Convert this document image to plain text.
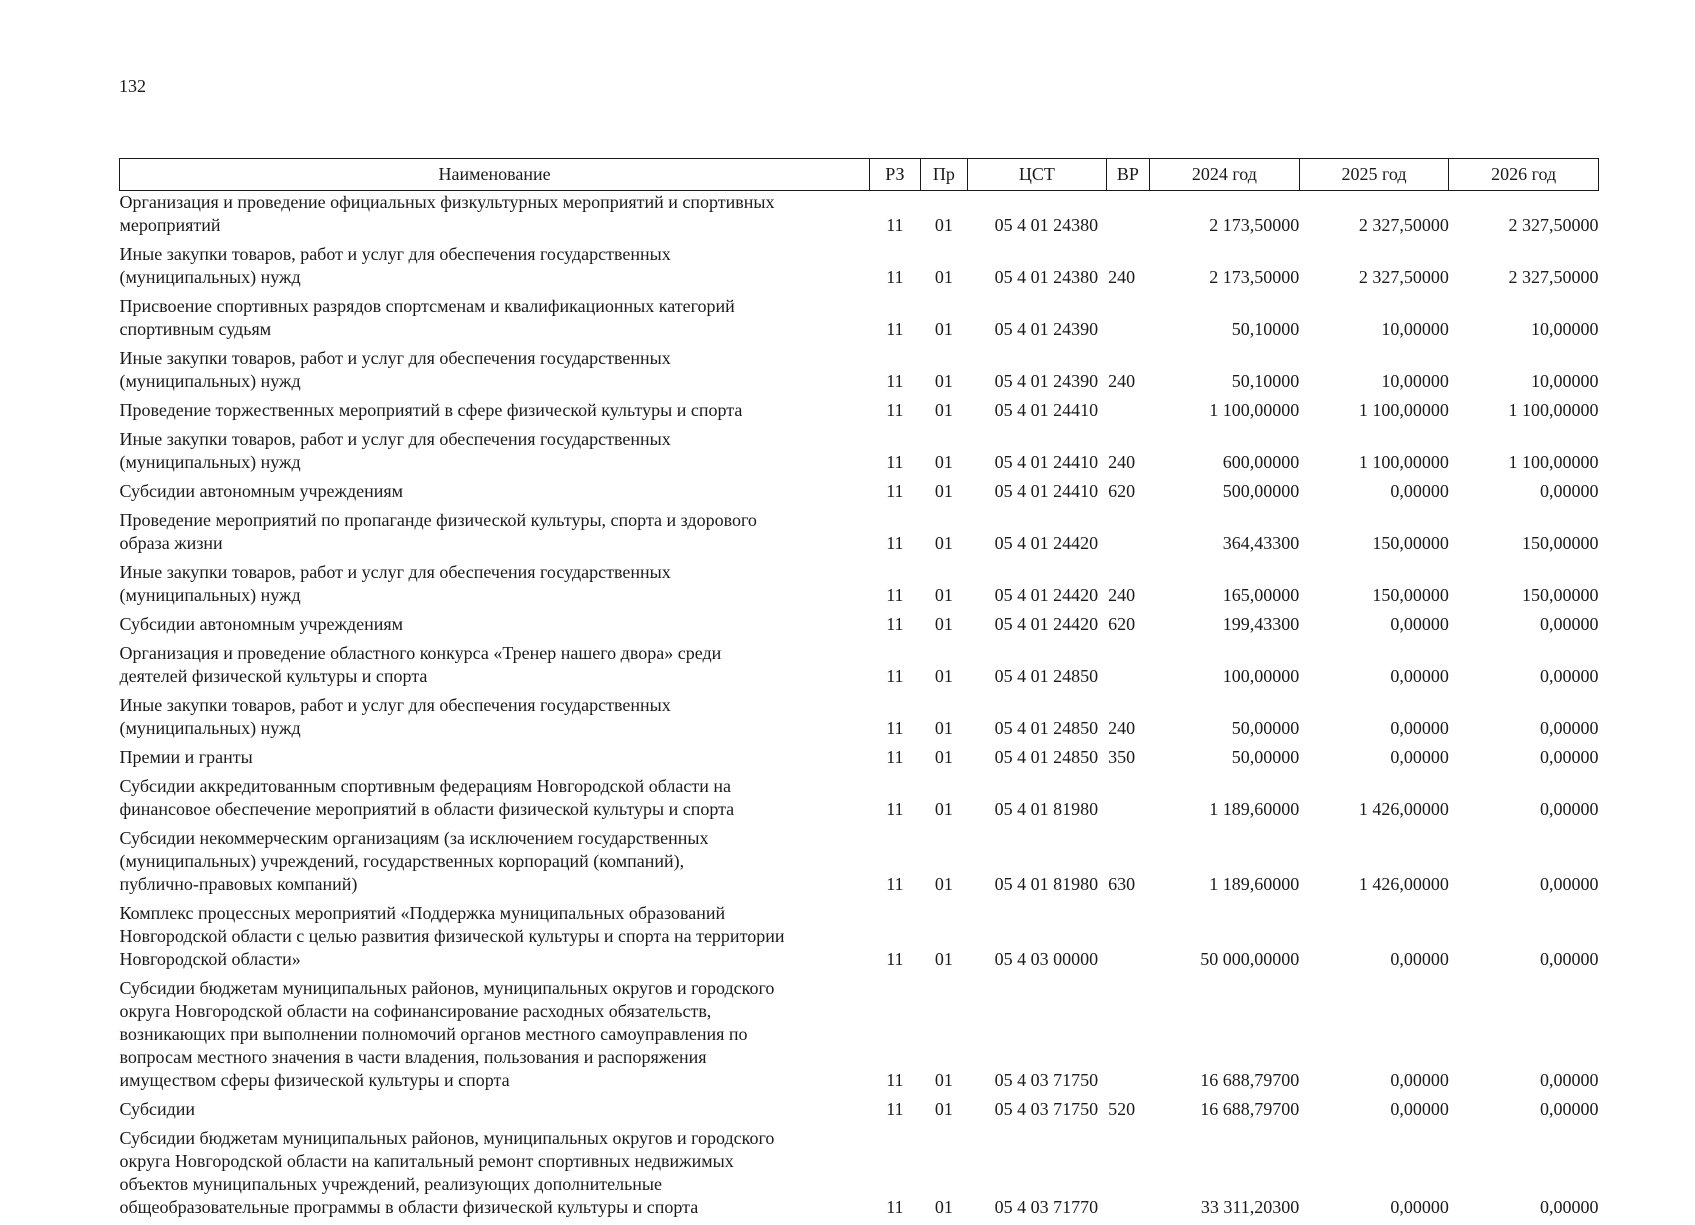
132
Наименование	РЗ	Пр	ЦСТ	ВР	2024 год	2025 год	2026 год
Организация и проведение официальных физкультурных мероприятий и спортивных
мероприятий	11	01	05 4 01 24380		2 173,50000	2 327,50000	2 327,50000
Иные закупки товаров, работ и услуг для обеспечения государственных
(муниципальных) нужд	11	01	05 4 01 24380	240	2 173,50000	2 327,50000	2 327,50000
Присвоение спортивных разрядов спортсменам и квалификационных категорий
спортивным судьям	11	01	05 4 01 24390		50,10000	10,00000	10,00000
Иные закупки товаров, работ и услуг для обеспечения государственных
(муниципальных) нужд	11	01	05 4 01 24390	240	50,10000	10,00000	10,00000
Проведение торжественных мероприятий в сфере физической культуры и спорта	11	01	05 4 01 24410		1 100,00000	1 100,00000	1 100,00000
Иные закупки товаров, работ и услуг для обеспечения государственных
(муниципальных) нужд	11	01	05 4 01 24410	240	600,00000	1 100,00000	1 100,00000
Субсидии автономным учреждениям	11	01	05 4 01 24410	620	500,00000	0,00000	0,00000
Проведение мероприятий по пропаганде физической культуры, спорта и здорового
образа жизни	11	01	05 4 01 24420		364,43300	150,00000	150,00000
Иные закупки товаров, работ и услуг для обеспечения государственных
(муниципальных) нужд	11	01	05 4 01 24420	240	165,00000	150,00000	150,00000
Субсидии автономным учреждениям	11	01	05 4 01 24420	620	199,43300	0,00000	0,00000
Организация и проведение областного конкурса «Тренер нашего двора» среди
деятелей физической культуры и спорта	11	01	05 4 01 24850		100,00000	0,00000	0,00000
Иные закупки товаров, работ и услуг для обеспечения государственных
(муниципальных) нужд	11	01	05 4 01 24850	240	50,00000	0,00000	0,00000
Премии и гранты	11	01	05 4 01 24850	350	50,00000	0,00000	0,00000
Субсидии аккредитованным спортивным федерациям Новгородской области на
финансовое обеспечение мероприятий в области физической культуры и спорта	11	01	05 4 01 81980		1 189,60000	1 426,00000	0,00000
Субсидии некоммерческим организациям (за исключением государственных
(муниципальных) учреждений, государственных корпораций (компаний),
публично-правовых компаний)	11	01	05 4 01 81980	630	1 189,60000	1 426,00000	0,00000
Комплекс процессных мероприятий «Поддержка муниципальных образований
Новгородской области с целью развития физической культуры и спорта на территории
Новгородской области»	11	01	05 4 03 00000		50 000,00000	0,00000	0,00000
Субсидии бюджетам муниципальных районов, муниципальных округов и городского
округа Новгородской области на софинансирование расходных обязательств,
возникающих при выполнении полномочий органов местного самоуправления по
вопросам местного значения в части владения, пользования и распоряжения
имуществом сферы физической культуры и спорта	11	01	05 4 03 71750		16 688,79700	0,00000	0,00000
Субсидии	11	01	05 4 03 71750	520	16 688,79700	0,00000	0,00000
Субсидии бюджетам муниципальных районов, муниципальных округов и городского
округа Новгородской области на капитальный ремонт спортивных недвижимых
объектов муниципальных учреждений, реализующих дополнительные
общеобразовательные программы в области физической культуры и спорта	11	01	05 4 03 71770		33 311,20300	0,00000	0,00000
